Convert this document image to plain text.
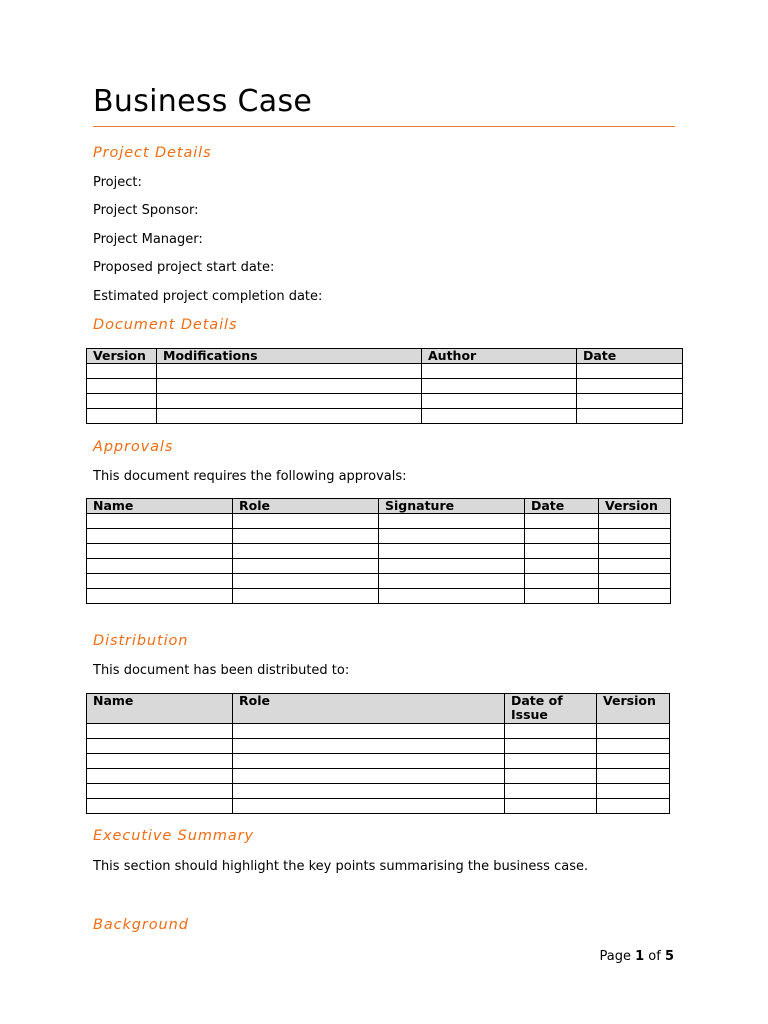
Business Case
Project Details
Project:
Project Sponsor:
Project Manager:
Proposed project start date:
Estimated project completion date:
Document Details
Version	Modifications	Author	Date

Approvals
This document requires the following approvals:
Name	Role	Signature	Date	Version

Distribution
This document has been distributed to:
Name	Role	Date of Issue	Version

Executive Summary
This section should highlight the key points summarising the business case.
Background
Page 1 of 5
